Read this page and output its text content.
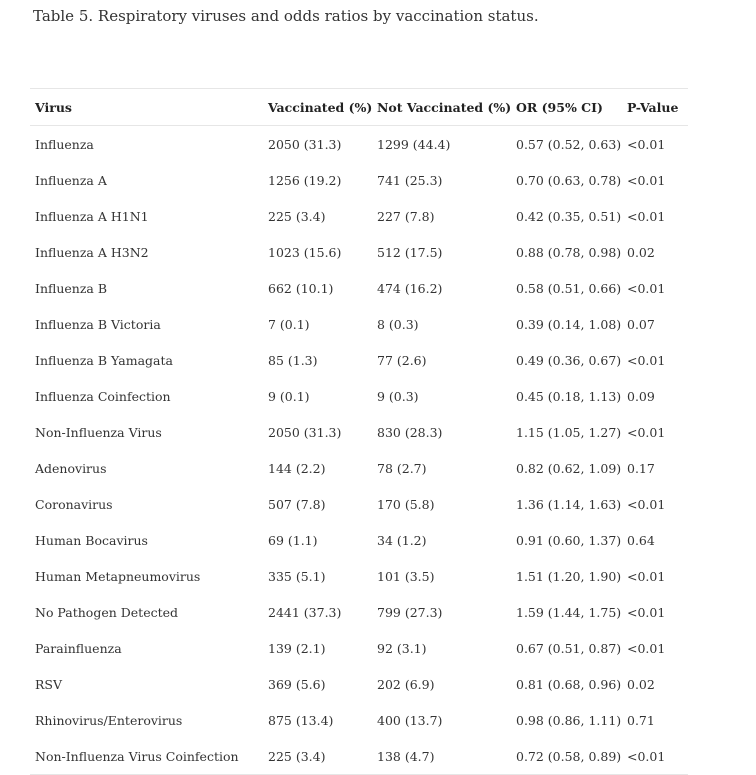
Table 5. Respiratory viruses and odds ratios by vaccination status.
Virus	Vaccinated (%)	Not Vaccinated (%)	OR (95% CI)	P-Value
Influenza	2050 (31.3)	1299 (44.4)	0.57 (0.52, 0.63)	<0.01
Influenza A	1256 (19.2)	741 (25.3)	0.70 (0.63, 0.78)	<0.01
Influenza A H1N1	225 (3.4)	227 (7.8)	0.42 (0.35, 0.51)	<0.01
Influenza A H3N2	1023 (15.6)	512 (17.5)	0.88 (0.78, 0.98)	0.02
Influenza B	662 (10.1)	474 (16.2)	0.58 (0.51, 0.66)	<0.01
Influenza B Victoria	7 (0.1)	8 (0.3)	0.39 (0.14, 1.08)	0.07
Influenza B Yamagata	85 (1.3)	77 (2.6)	0.49 (0.36, 0.67)	<0.01
Influenza Coinfection	9 (0.1)	9 (0.3)	0.45 (0.18, 1.13)	0.09
Non-Influenza Virus	2050 (31.3)	830 (28.3)	1.15 (1.05, 1.27)	<0.01
Adenovirus	144 (2.2)	78 (2.7)	0.82 (0.62, 1.09)	0.17
Coronavirus	507 (7.8)	170 (5.8)	1.36 (1.14, 1.63)	<0.01
Human Bocavirus	69 (1.1)	34 (1.2)	0.91 (0.60, 1.37)	0.64
Human Metapneumovirus	335 (5.1)	101 (3.5)	1.51 (1.20, 1.90)	<0.01
No Pathogen Detected	2441 (37.3)	799 (27.3)	1.59 (1.44, 1.75)	<0.01
Parainfluenza	139 (2.1)	92 (3.1)	0.67 (0.51, 0.87)	<0.01
RSV	369 (5.6)	202 (6.9)	0.81 (0.68, 0.96)	0.02
Rhinovirus/Enterovirus	875 (13.4)	400 (13.7)	0.98 (0.86, 1.11)	0.71
Non-Influenza Virus Coinfection	225 (3.4)	138 (4.7)	0.72 (0.58, 0.89)	<0.01
